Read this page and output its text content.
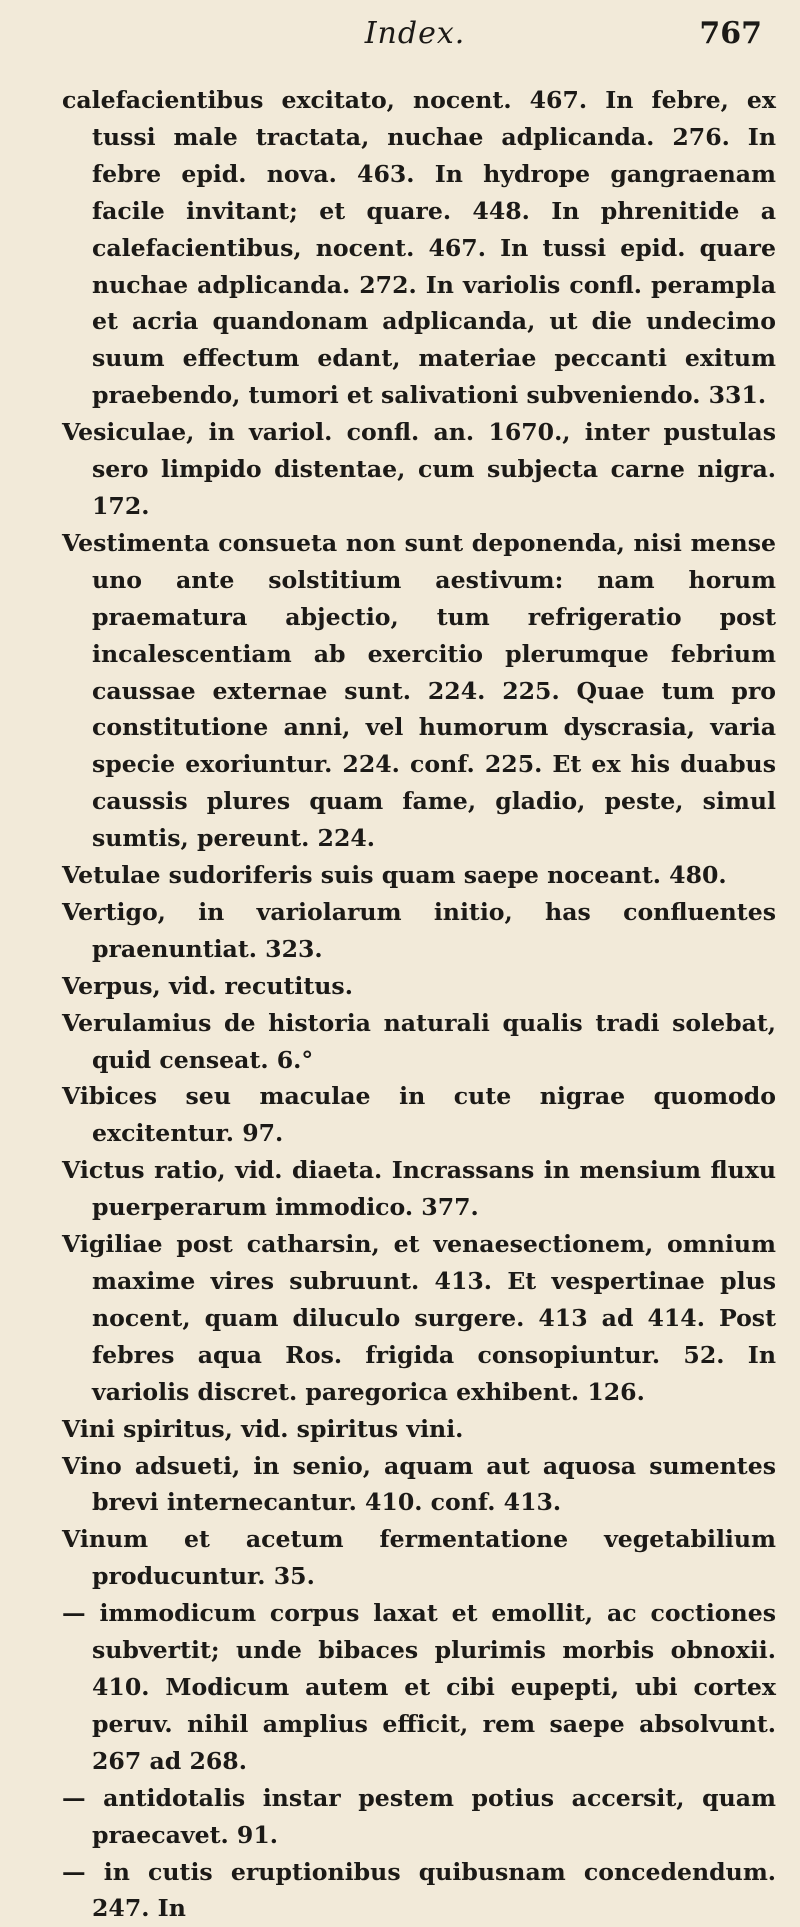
Index.	767

calefacientibus excitato, nocent. 467. In febre, ex tussi male tractata, nuchae adplicanda. 276. In febre epid. nova. 463. In hydrope gangraenam facile invitant; et quare. 448. In phrenitide a calefacientibus, nocent. 467. In tussi epid. quare nuchae adplicanda. 272. In variolis confl. perampla et acria quandonam adplicanda, ut die undecimo suum effectum edant, materiae peccanti exitum praebendo, tumori et salivationi subveniendo. 331.

Vesiculae, in variol. confl. an. 1670., inter pustulas sero limpido distentae, cum subjecta carne nigra. 172.

Vestimenta consueta non sunt deponenda, nisi mense uno ante solstitium aestivum: nam horum praematura abjectio, tum refrigeratio post incalescentiam ab exercitio plerumque febrium caussae externae sunt. 224. 225. Quae tum pro constitutione anni, vel humorum dyscrasia, varia specie exoriuntur. 224. conf. 225. Et ex his duabus caussis plures quam fame, gladio, peste, simul sumtis, pereunt. 224.

Vetulae sudoriferis suis quam saepe noceant. 480.

Vertigo, in variolarum initio, has confluentes praenuntiat. 323.

Verpus, vid. recutitus.

Verulamius de historia naturali qualis tradi solebat, quid censeat. 6.°

Vibices seu maculae in cute nigrae quomodo excitentur. 97.

Victus ratio, vid. diaeta. Incrassans in mensium fluxu puerperarum immodico. 377.

Vigiliae post catharsin, et venaesectionem, omnium maxime vires subruunt. 413. Et vespertinae plus nocent, quam diluculo surgere. 413 ad 414. Post febres aqua Ros. frigida consopiuntur. 52. In variolis discret. paregorica exhibent. 126.

Vini spiritus, vid. spiritus vini.

Vino adsueti, in senio, aquam aut aquosa sumentes brevi internecantur. 410. conf. 413.

Vinum et acetum fermentatione vegetabilium producuntur. 35.

— immodicum corpus laxat et emollit, ac coctiones subvertit; unde bibaces plurimis morbis obnoxii. 410. Modicum autem et cibi eupepti, ubi cortex peruv. nihil amplius efficit, rem saepe absolvunt. 267 ad 268.

— antidotalis instar pestem potius accersit, quam praecavet. 91.

— in cutis eruptionibus quibusnam concedendum. 247. In
